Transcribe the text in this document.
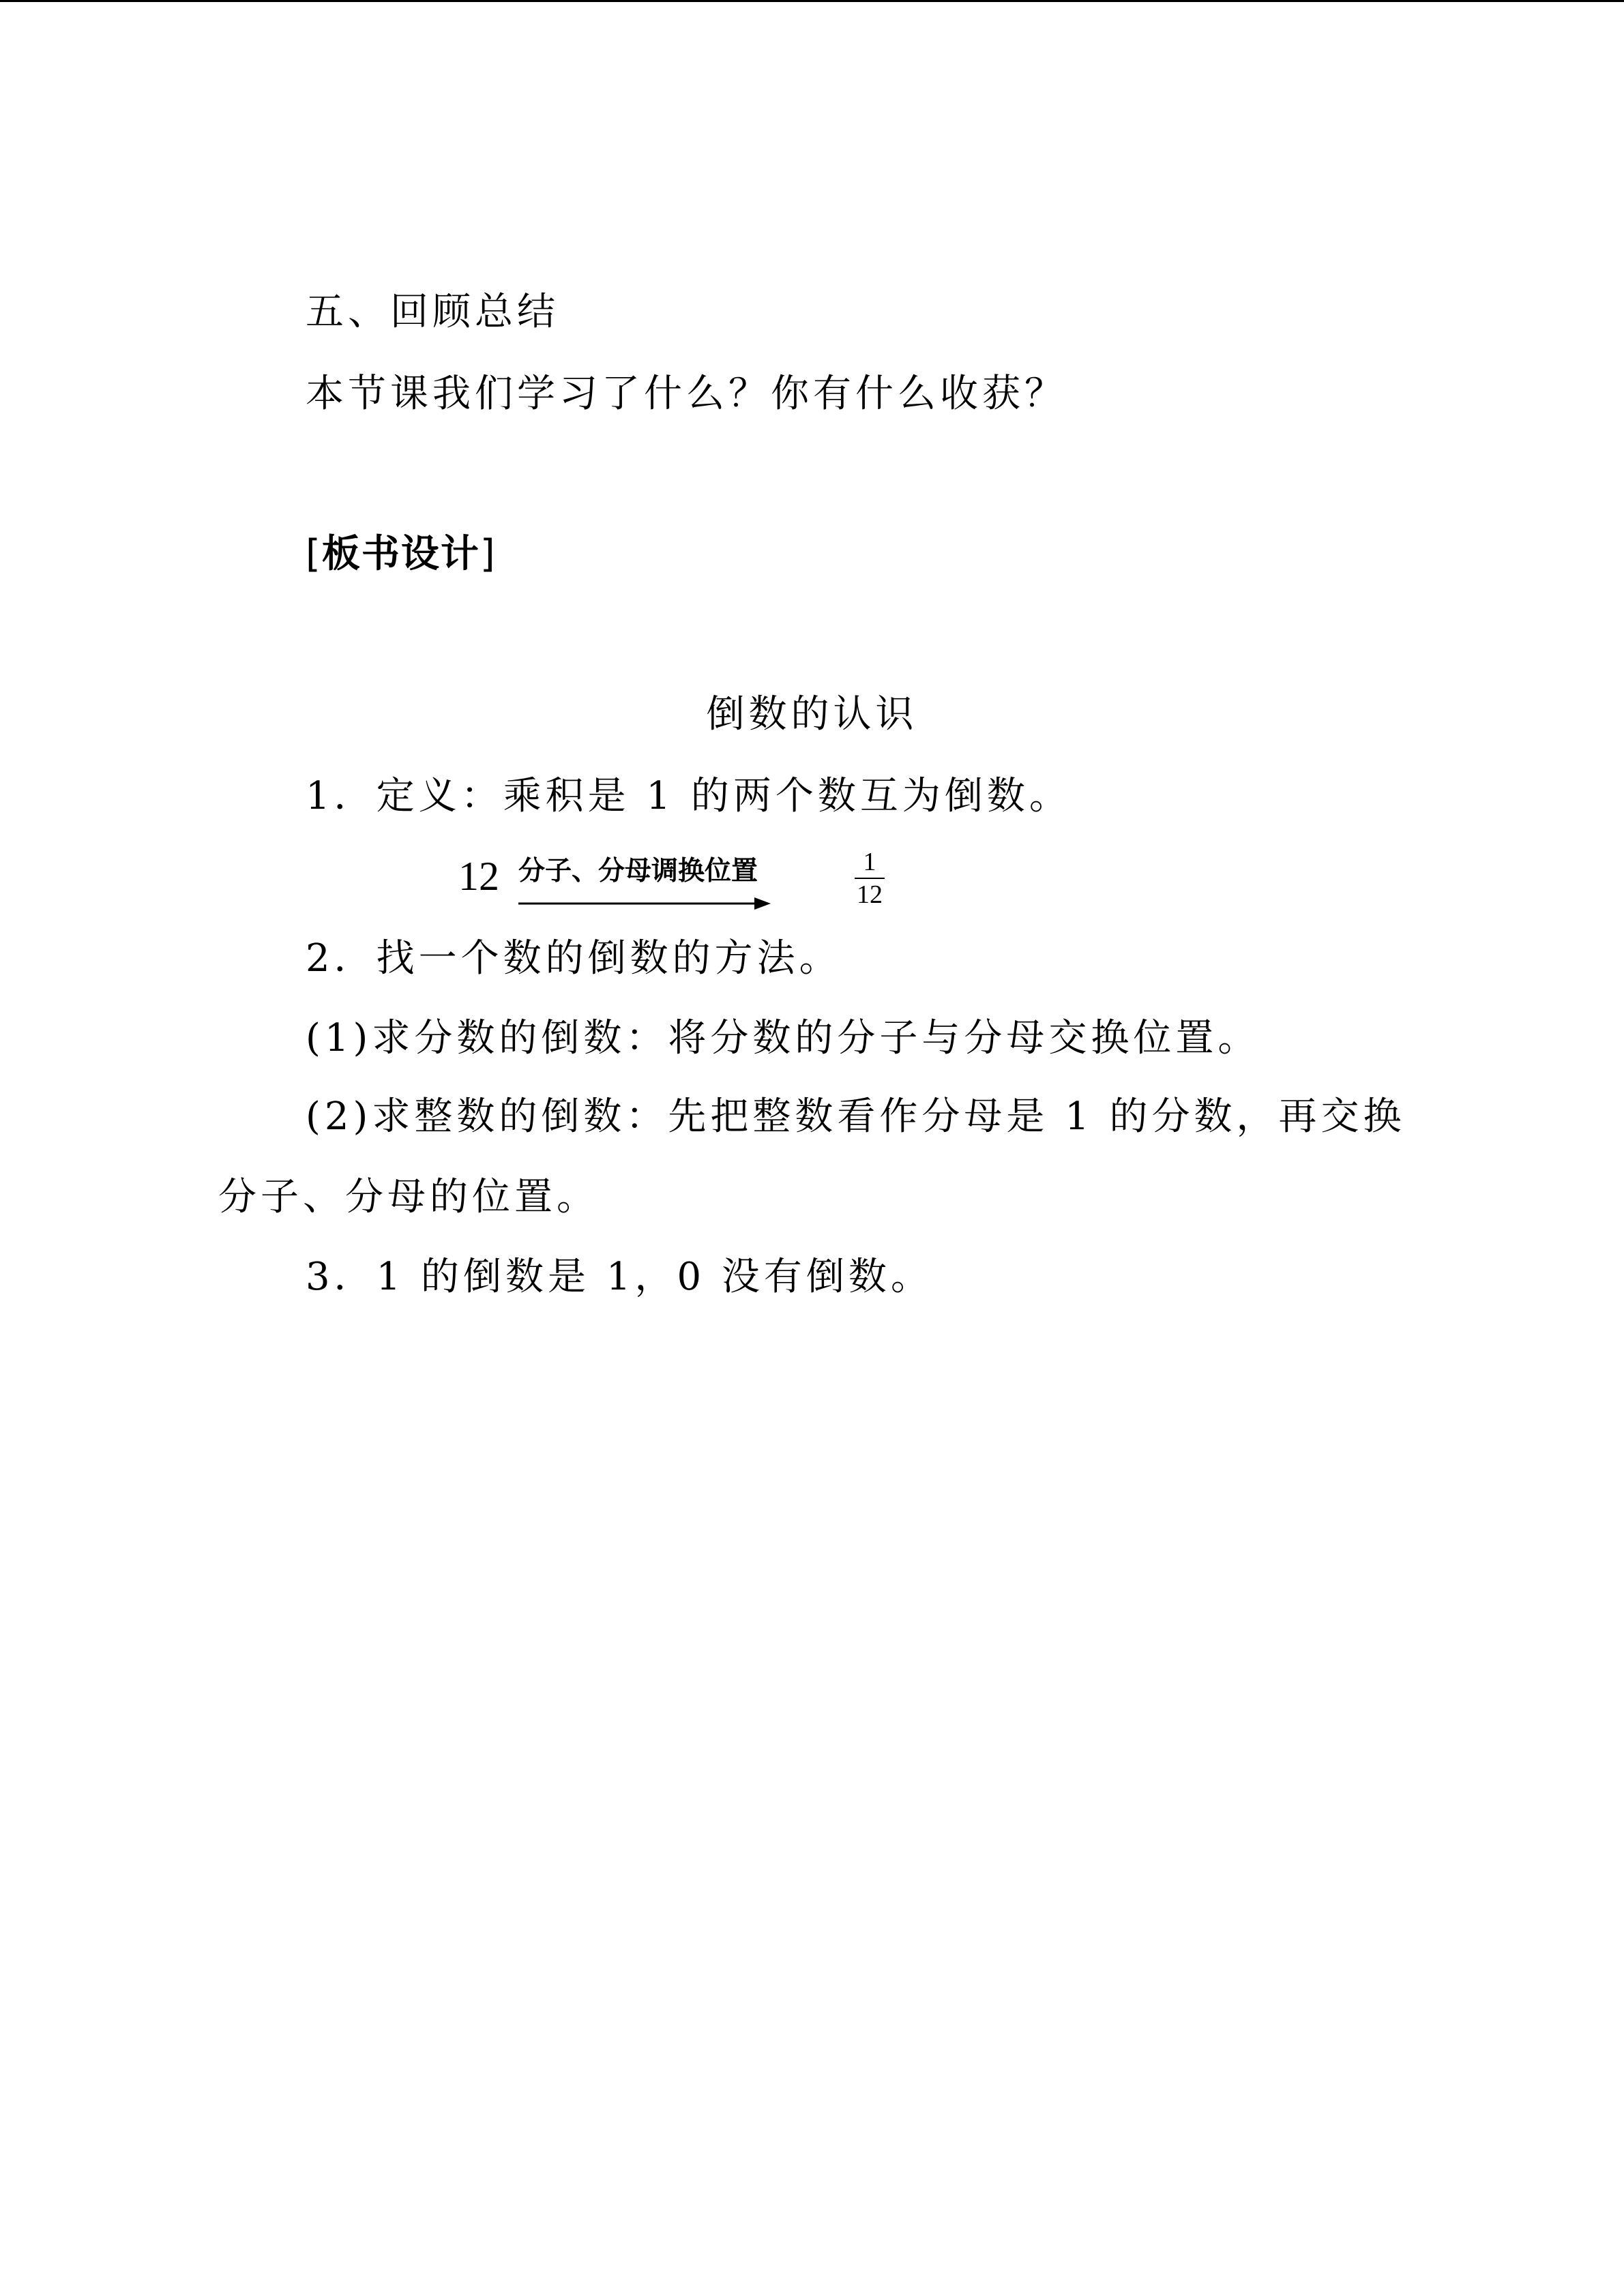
五、回顾总结
本节课我们学习了什么？你有什么收获？
[板书设计]
倒数的认识
1．定义：乘积是 1 的两个数互为倒数。
12 分子、分母调换位置	1
12
2．找一个数的倒数的方法。
(1)求分数的倒数：将分数的分子与分母交换位置。
(2)求整数的倒数：先把整数看作分母是 1 的分数，再交换
分子、分母的位置。
3．1 的倒数是 1，0 没有倒数。
